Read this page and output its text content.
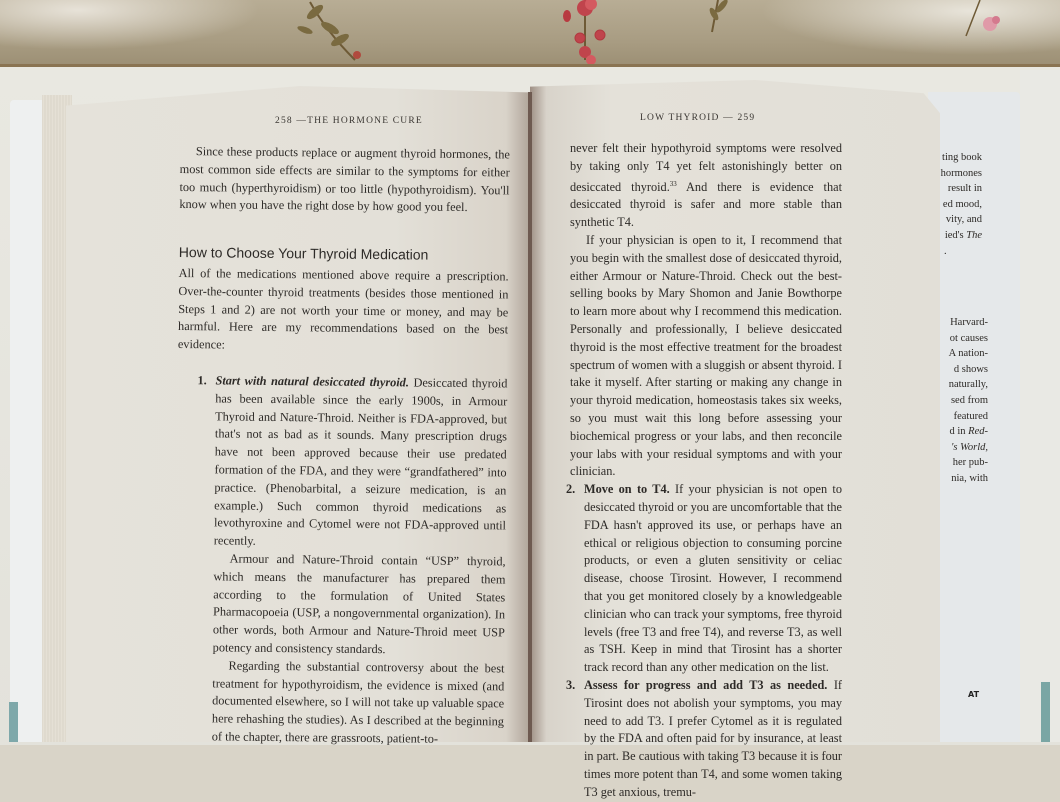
258 —THE HORMONE CURE

Since these products replace or augment thyroid hormones, the most common side effects are similar to the symptoms for either too much (hyperthyroidism) or too little (hypothyroidism). You'll know when you have the right dose by how good you feel.

How to Choose Your Thyroid Medication

All of the medications mentioned above require a prescription. Over-the-counter thyroid treatments (besides those mentioned in Steps 1 and 2) are not worth your time or money, and may be harmful. Here are my recommendations based on the best evidence:

1. Start with natural desiccated thyroid. Desiccated thyroid has been available since the early 1900s, in Armour Thyroid and Nature-Throid. Neither is FDA-approved, but that's not as bad as it sounds. Many prescription drugs have not been approved because their use predated formation of the FDA, and they were “grandfathered” into practice. (Phenobarbital, a seizure medication, is an example.) Such common thyroid medications as levothyroxine and Cytomel were not FDA-approved until recently.

Armour and Nature-Throid contain “USP” thyroid, which means the manufacturer has prepared them according to the formulation of United States Pharmacopoeia (USP, a nongovernmental organization). In other words, both Armour and Nature-Throid meet USP potency and consistency standards.

Regarding the substantial controversy about the best treatment for hypothyroidism, the evidence is mixed (and documented elsewhere, so I will not take up valuable space here rehashing the studies). As I described at the beginning of the chapter, there are grassroots, patient-to-

LOW THYROID — 259

never felt their hypothyroid symptoms were resolved by taking only T4 yet felt astonishingly better on desiccated thyroid.$^{33}$ And there is evidence that desiccated thyroid is safer and more stable than synthetic T4.

If your physician is open to it, I recommend that you begin with the smallest dose of desiccated thyroid, either Armour or Nature-Throid. Check out the best-selling books by Mary Shomon and Janie Bowthorpe to learn more about why I recommend this medication. Personally and professionally, I believe desiccated thyroid is the most effective treatment for the broadest spectrum of women with a sluggish or absent thyroid. I take it myself. After starting or making any change in your thyroid medication, homeostasis takes six weeks, so you must wait this long before assessing your biochemical progress or your labs, and then reconcile your labs with your residual symptoms and with your clinician.

2. Move on to T4. If your physician is not open to desiccated thyroid or you are uncomfortable that the FDA hasn't approved its use, or perhaps have an ethical or religious objection to consuming porcine products, or even a gluten sensitivity or celiac disease, choose Tirosint. However, I recommend that you get monitored closely by a knowledgeable clinician who can track your symptoms, free thyroid levels (free T3 and free T4), and reverse T3, as well as TSH. Keep in mind that Tirosint has a shorter track record than any other medication on the list.

3. Assess for progress and add T3 as needed. If Tirosint does not abolish your symptoms, you may need to add T3. I prefer Cytomel as it is regulated by the FDA and often paid for by insurance, at least in part. Be cautious with taking T3 because it is four times more potent than T4, and some women taking T3 get anxious, tremu-

ting book
hormones
result in
ed mood,
vity, and
ied's The
.
Harvard-
ot causes
A nation-
d shows
naturally,
sed from
featured
d in Red-
's World,
her pub-
nia, with
AT
